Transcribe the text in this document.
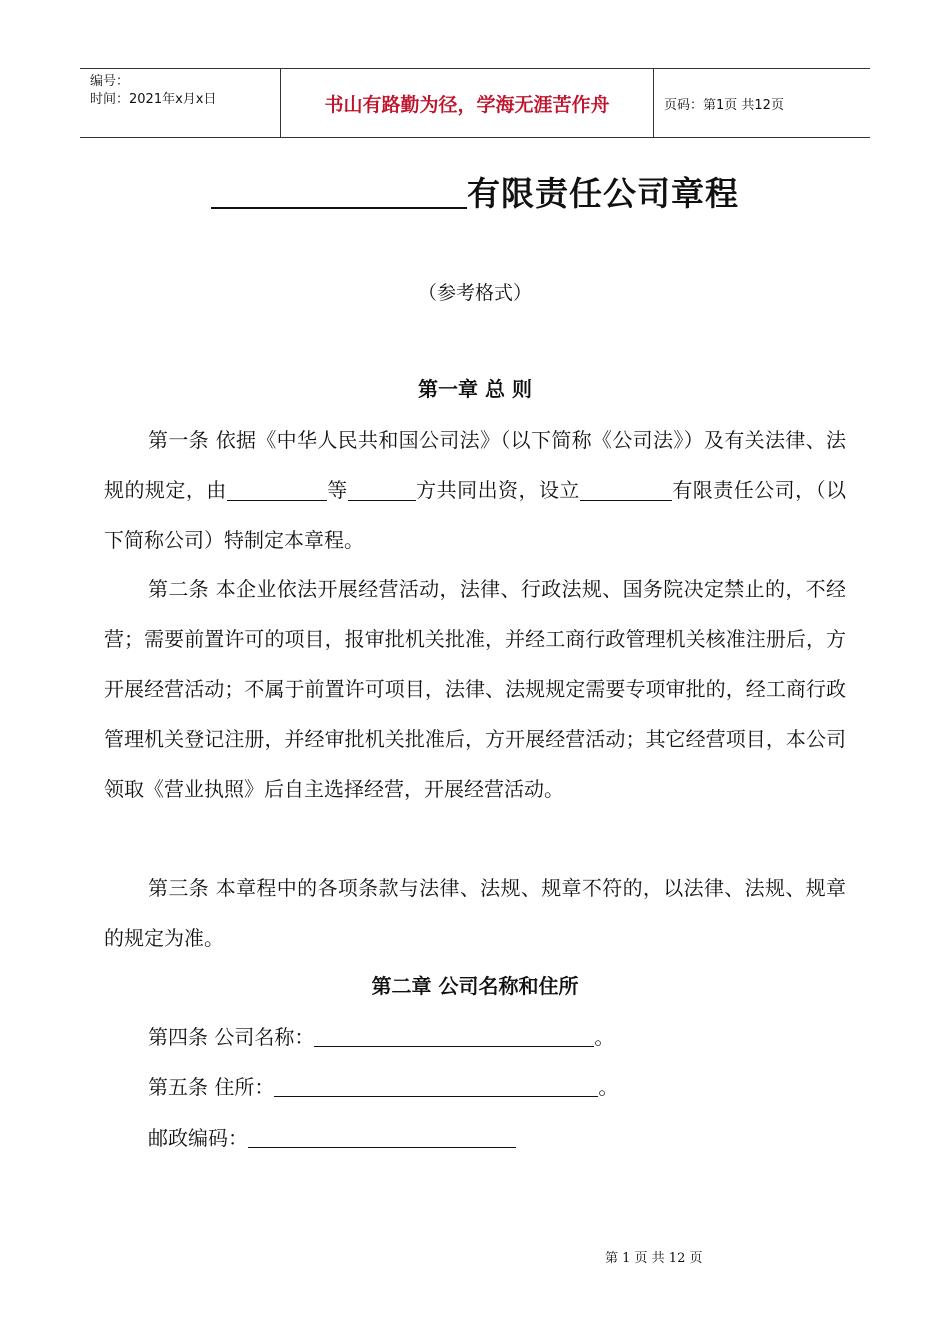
编号：
时间：2021年x月x日	书山有路勤为径，学海无涯苦作舟	页码：第1页 共12页
有限责任公司章程
（参考格式）
第一章 总 则
第一条 依据《中华人民共和国公司法》（以下简称《公司法》）及有关法律、法规的规定，由	等	方共同出资，设立	有限责任公司，（以下简称公司）特制定本章程。
第二条 本企业依法开展经营活动，法律、行政法规、国务院决定禁止的，不经营；需要前置许可的项目，报审批机关批准，并经工商行政管理机关核准注册后，方开展经营活动；不属于前置许可项目，法律、法规规定需要专项审批的，经工商行政管理机关登记注册，并经审批机关批准后，方开展经营活动；其它经营项目，本公司领取《营业执照》后自主选择经营，开展经营活动。
第三条 本章程中的各项条款与法律、法规、规章不符的，以法律、法规、规章的规定为准。
第二章 公司名称和住所
第四条 公司名称：	。
第五条 住所：	。
邮政编码：
第 1 页 共 12 页
